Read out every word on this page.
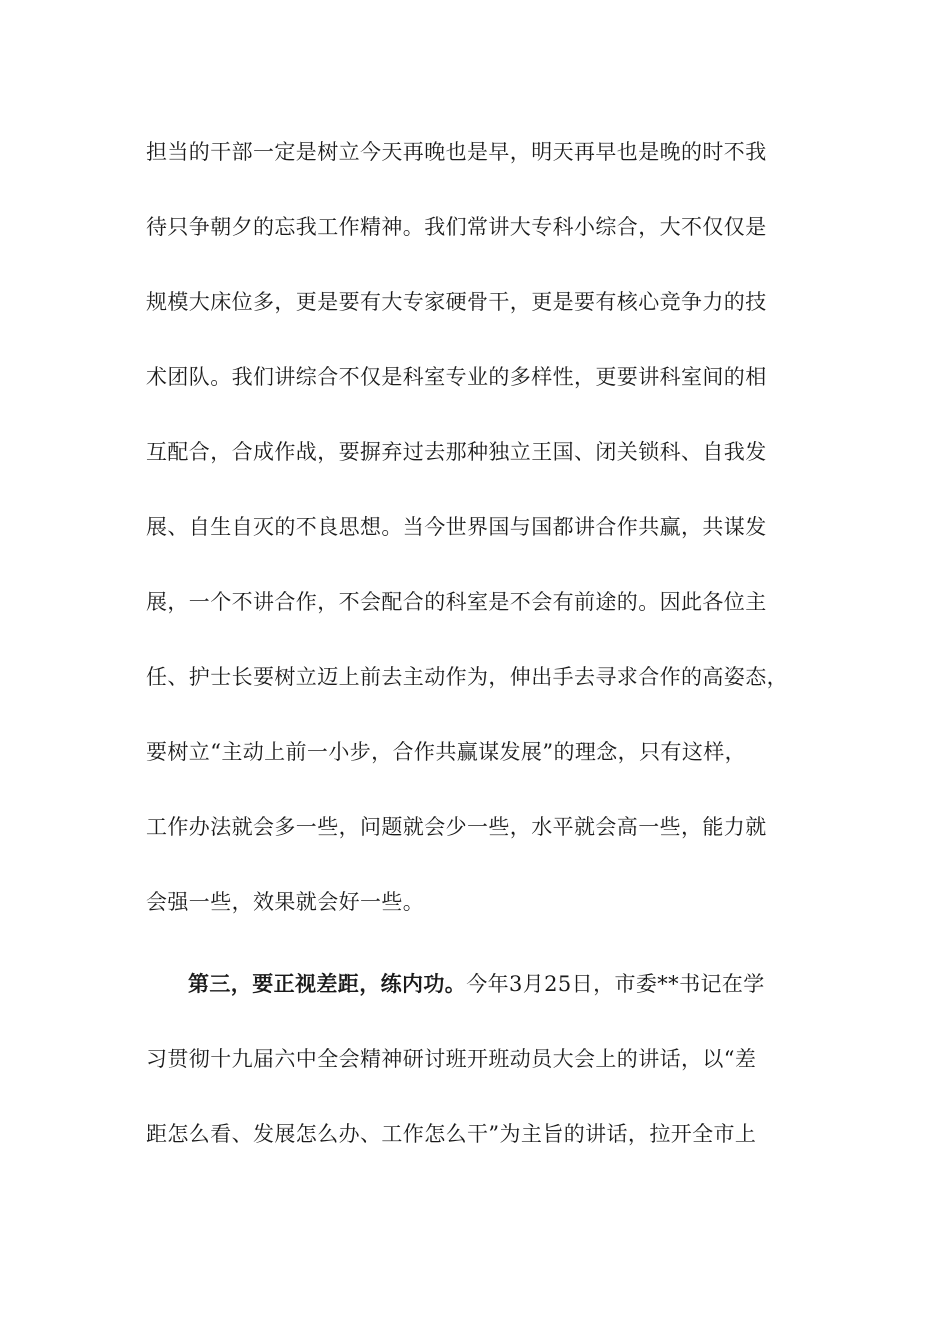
担当的干部一定是树立今天再晚也是早，明天再早也是晚的时不我
待只争朝夕的忘我工作精神。我们常讲大专科小综合，大不仅仅是
规模大床位多，更是要有大专家硬骨干，更是要有核心竞争力的技
术团队。我们讲综合不仅是科室专业的多样性，更要讲科室间的相
互配合，合成作战，要摒弃过去那种独立王国、闭关锁科、自我发
展、自生自灭的不良思想。当今世界国与国都讲合作共赢，共谋发
展，一个不讲合作，不会配合的科室是不会有前途的。因此各位主
任、护士长要树立迈上前去主动作为，伸出手去寻求合作的高姿态，
要树立“主动上前一小步，合作共赢谋发展”的理念，只有这样，
工作办法就会多一些，问题就会少一些，水平就会高一些，能力就
会强一些，效果就会好一些。
第三，要正视差距，练内功。今年3月25日，市委**书记在学
习贯彻十九届六中全会精神研讨班开班动员大会上的讲话，以“差
距怎么看、发展怎么办、工作怎么干”为主旨的讲话，拉开全市上
